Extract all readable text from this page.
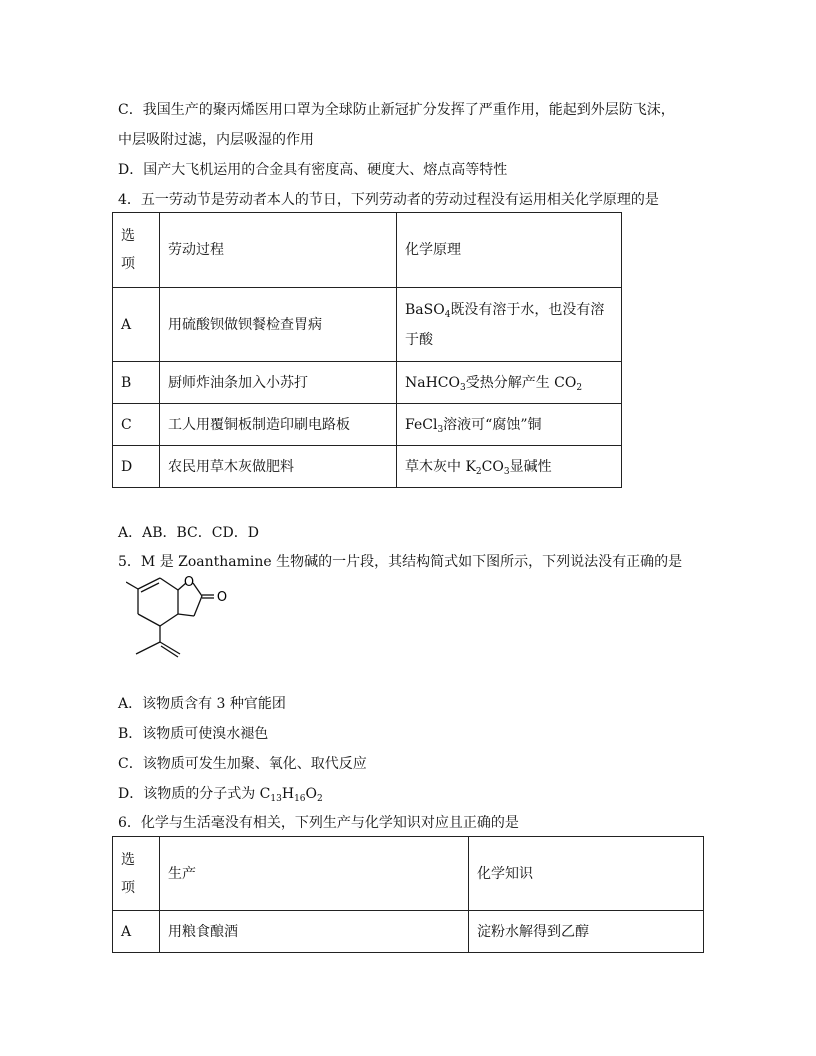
C．我国生产的聚丙烯医用口罩为全球防止新冠扩分发挥了严重作用，能起到外层防飞沫，
中层吸附过滤，内层吸湿的作用
D．国产大飞机运用的合金具有密度高、硬度大、熔点高等特性
4．五一劳动节是劳动者本人的节日，下列劳动者的劳动过程没有运用相关化学原理的是
选
项	劳动过程	化学原理
A	用硫酸钡做钡餐检查胃病	BaSO$_4$既没有溶于水，也没有溶
于酸
B	厨师炸油条加入小苏打	NaHCO$_3$受热分解产生 $CO_2$
C	工人用覆铜板制造印刷电路板	FeCl$_3$溶液可“腐蚀”铜
D	农民用草木灰做肥料	草木灰中 $K_2CO_3$显碱性
A．AB．BC．CD．D
5．M 是 Zoanthamine 生物碱的一片段，其结构简式如下图所示，下列说法没有正确的是
O
O
A．该物质含有 3 种官能团
B．该物质可使溴水褪色
C．该物质可发生加聚、氧化、取代反应
D．该物质的分子式为 $C_{13}H_{16}O_2$
6．化学与生活毫没有相关，下列生产与化学知识对应且正确的是
选
项	生产	化学知识
A	用粮食酿酒	淀粉水解得到乙醇
